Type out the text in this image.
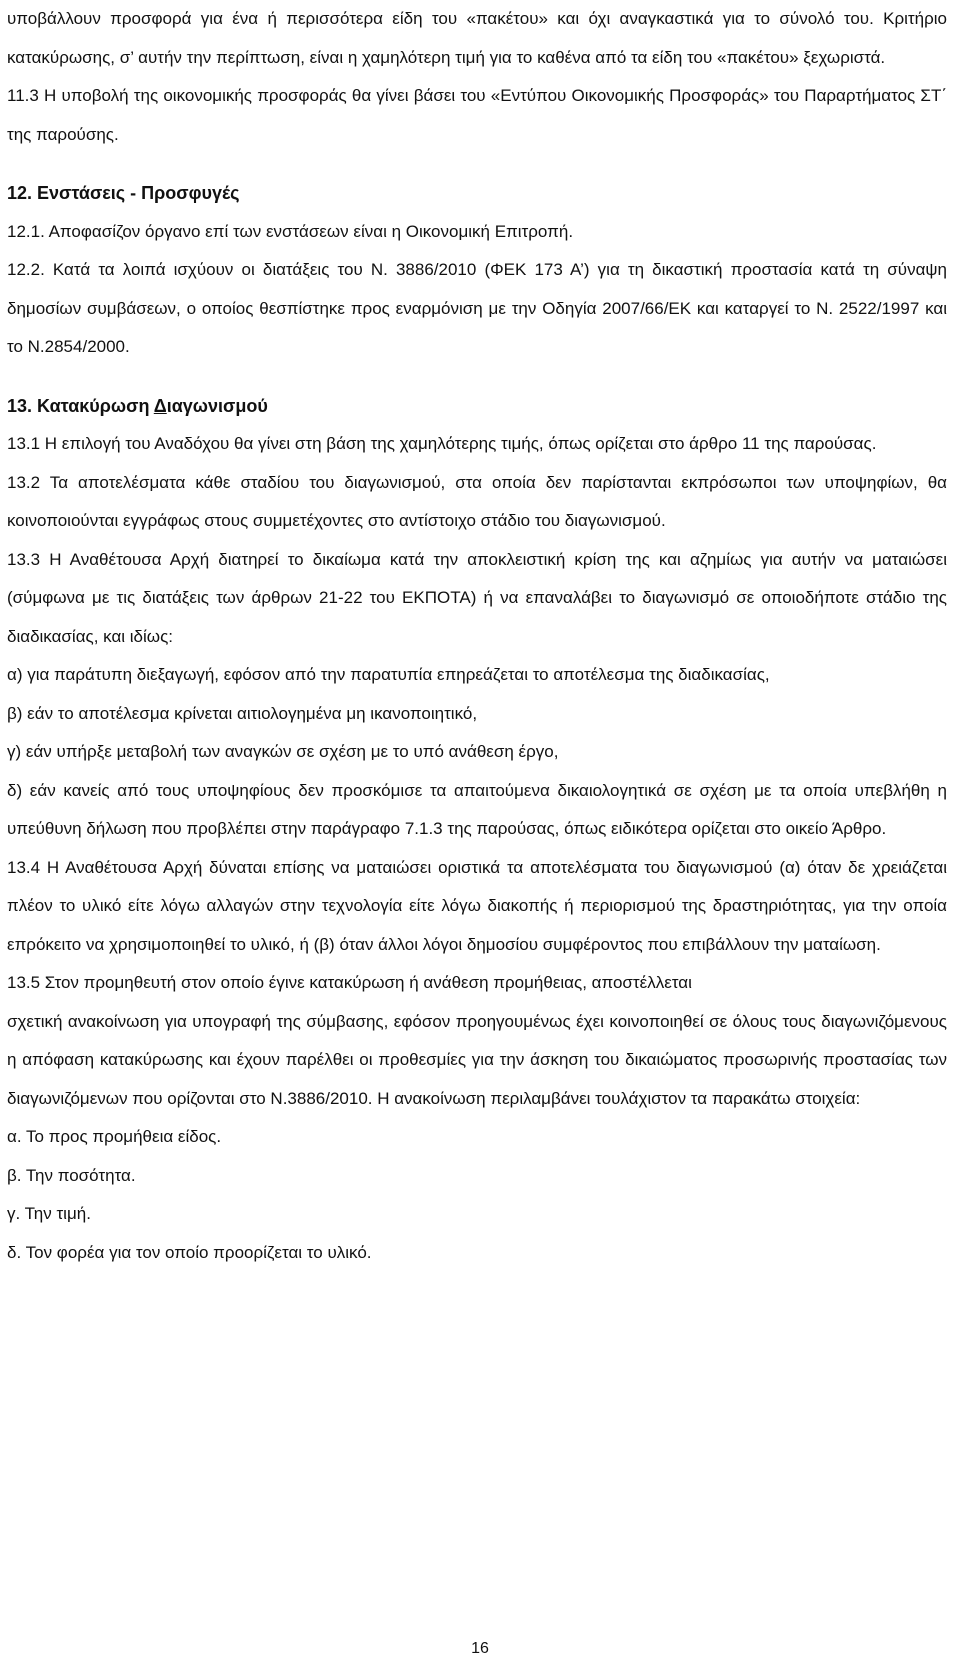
υποβάλλουν προσφορά για ένα ή περισσότερα είδη του «πακέτου» και όχι αναγκαστικά για το σύνολό του. Κριτήριο κατακύρωσης, σ’ αυτήν την περίπτωση, είναι η χαμηλότερη τιμή για το καθένα από τα είδη του «πακέτου» ξεχωριστά.

11.3 Η υποβολή της οικονομικής προσφοράς θα γίνει βάσει του «Εντύπου Οικονομικής Προσφοράς» του Παραρτήματος ΣΤ΄ της παρούσης.

12. Ενστάσεις - Προσφυγές

12.1. Αποφασίζον όργανο επί των ενστάσεων είναι η Οικονομική Επιτροπή.

12.2. Κατά τα λοιπά ισχύουν οι διατάξεις του Ν. 3886/2010 (ΦΕΚ 173 Α’) για τη δικαστική προστασία κατά τη σύναψη δημοσίων συμβάσεων, ο οποίος θεσπίστηκε προς εναρμόνιση με την Οδηγία 2007/66/ΕΚ και καταργεί το Ν. 2522/1997 και το Ν.2854/2000.

13. Κατακύρωση Διαγωνισμού

13.1 Η επιλογή του Αναδόχου θα γίνει στη βάση της χαμηλότερης τιμής, όπως ορίζεται στο άρθρο 11 της παρούσας.

13.2 Τα αποτελέσματα κάθε σταδίου του διαγωνισμού, στα οποία δεν παρίστανται εκπρόσωποι των υποψηφίων, θα κοινοποιούνται εγγράφως στους συμμετέχοντες στο αντίστοιχο στάδιο του διαγωνισμού.

13.3 Η Αναθέτουσα Αρχή διατηρεί το δικαίωμα κατά την αποκλειστική κρίση της και αζημίως για αυτήν να ματαιώσει (σύμφωνα με τις διατάξεις των άρθρων 21-22 του ΕΚΠΟΤΑ) ή να επαναλάβει το διαγωνισμό σε οποιοδήποτε στάδιο της διαδικασίας, και ιδίως:

α) για παράτυπη διεξαγωγή, εφόσον από την παρατυπία επηρεάζεται το αποτέλεσμα της διαδικασίας,

β) εάν το αποτέλεσμα κρίνεται αιτιολογημένα μη ικανοποιητικό,

γ) εάν υπήρξε μεταβολή των αναγκών σε σχέση με το υπό ανάθεση έργο,

δ) εάν κανείς από τους υποψηφίους δεν προσκόμισε τα απαιτούμενα δικαιολογητικά σε σχέση με τα οποία υπεβλήθη η υπεύθυνη δήλωση που προβλέπει στην παράγραφο 7.1.3 της παρούσας, όπως ειδικότερα ορίζεται στο οικείο Άρθρο.

13.4 Η Αναθέτουσα Αρχή δύναται επίσης να ματαιώσει οριστικά τα αποτελέσματα του διαγωνισμού (α) όταν δε χρειάζεται πλέον το υλικό είτε λόγω αλλαγών στην τεχνολογία είτε λόγω διακοπής ή περιορισμού της δραστηριότητας, για την οποία επρόκειτο να χρησιμοποιηθεί το υλικό, ή (β) όταν άλλοι λόγοι δημοσίου συμφέροντος που επιβάλλουν την ματαίωση.

13.5 Στον προμηθευτή στον οποίο έγινε κατακύρωση ή ανάθεση προμήθειας, αποστέλλεται

σχετική ανακοίνωση για υπογραφή της σύμβασης, εφόσον προηγουμένως έχει κοινοποιηθεί σε όλους τους διαγωνιζόμενους η απόφαση κατακύρωσης και έχουν παρέλθει οι προθεσμίες για την άσκηση του δικαιώματος προσωρινής προστασίας των διαγωνιζόμενων που ορίζονται στο Ν.3886/2010. Η ανακοίνωση περιλαμβάνει τουλάχιστον τα παρακάτω στοιχεία:

α. Το προς προμήθεια είδος.

β. Την ποσότητα.

γ. Την τιμή.

δ. Τον φορέα για τον οποίο προορίζεται το υλικό.

16
